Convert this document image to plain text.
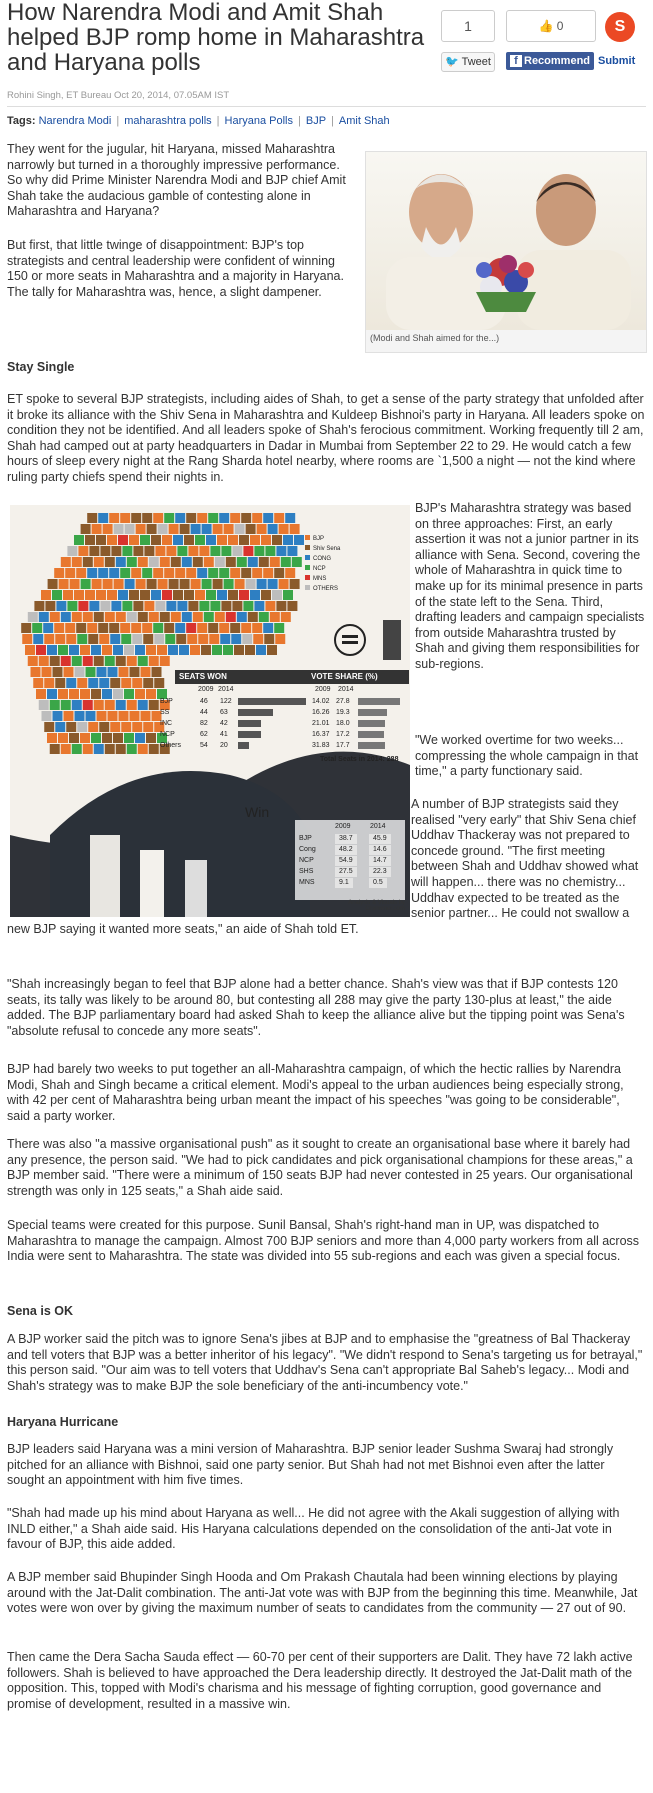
How Narendra Modi and Amit Shah helped BJP romp home in Maharashtra and Haryana polls
1	👍 0	S
🐦 Tweet	f Recommend Submit
Rohini Singh, ET Bureau Oct 20, 2014, 07.05AM IST
Tags: Narendra Modi | maharashtra polls | Haryana Polls | BJP | Amit Shah

They went for the jugular, hit Haryana, missed Maharashtra narrowly but turned in a thoroughly impressive performance. So why did Prime Minister Narendra Modi and BJP chief Amit Shah take the audacious gamble of contesting alone in Maharashtra and Haryana?

(Modi and Shah aimed for the...)

But first, that little twinge of disappointment: BJP's top strategists and central leadership were confident of winning 150 or more seats in Maharashtra and a majority in Haryana. The tally for Maharashtra was, hence, a slight dampener.

Stay Single

ET spoke to several BJP strategists, including aides of Shah, to get a sense of the party strategy that unfolded after it broke its alliance with the Shiv Sena in Maharashtra and Kuldeep Bishnoi's party in Haryana. All leaders spoke on condition they not be identified. And all leaders spoke of Shah's ferocious commitment. Working frequently till 2 am, Shah had camped out at party headquarters in Dadar in Mumbai from September 22 to 29. He would catch a few hours of sleep every night at the Rang Sharda hotel nearby, where rooms are `1,500 a night — not the kind where ruling party chiefs spend their nights in.

BJP
Shiv Sena
CONG
NCP
MNS
OTHERS
SEATS WON	VOTE SHARE (%)
2009 2014	2009 2014
BJP	46 122	14.02 27.8
SS	44 63	16.26 19.3
INC	82 42	21.01 18.0
NCP	62 41	16.37 17.2
Others	54 20	31.83 17.7
Total Seats in 2014: 288
Win
2009	2014
BJP	38.7	45.9
Cong	48.2	14.6
NCP	54.9	14.7
SHS	27.5	22.3
MNS	9.1	0.5
Analysis & Visuals by Gramener.com

BJP's Maharashtra strategy was based on three approaches: First, an early assertion it was not a junior partner in its alliance with Sena. Second, covering the whole of Maharashtra in quick time to make up for its minimal presence in parts of the state left to the Sena. Third, drafting leaders and campaign specialists from outside Maharashtra trusted by Shah and giving them responsibilities for sub-regions.

"We worked overtime for two weeks... compressing the whole campaign in that time," a party functionary said.

A number of BJP strategists said they realised "very early" that Shiv Sena chief Uddhav Thackeray was not prepared to concede ground. "The first meeting between Shah and Uddhav showed what will happen... there was no chemistry... Uddhav expected to be treated as the senior partner... He could not swallow a new BJP saying it wanted more seats," an aide of Shah told ET.

"Shah increasingly began to feel that BJP alone had a better chance. Shah's view was that if BJP contests 120 seats, its tally was likely to be around 80, but contesting all 288 may give the party 130-plus at least," the aide added. The BJP parliamentary board had asked Shah to keep the alliance alive but the tipping point was Sena's "absolute refusal to concede any more seats".

BJP had barely two weeks to put together an all-Maharashtra campaign, of which the hectic rallies by Narendra Modi, Shah and Singh became a critical element. Modi's appeal to the urban audiences being especially strong, with 42 per cent of Maharashtra being urban meant the impact of his speeches "was going to be considerable", said a party worker.

There was also "a massive organisational push" as it sought to create an organisational base where it barely had any presence, the person said. "We had to pick candidates and pick organisational champions for these areas," a BJP member said. "There were a minimum of 150 seats BJP had never contested in 25 years. Our organisational strength was only in 125 seats," a Shah aide said.

Special teams were created for this purpose. Sunil Bansal, Shah's right-hand man in UP, was dispatched to Maharashtra to manage the campaign. Almost 700 BJP seniors and more than 4,000 party workers from all across India were sent to Maharashtra. The state was divided into 55 sub-regions and each was given a special focus.

Sena is OK

A BJP worker said the pitch was to ignore Sena's jibes at BJP and to emphasise the "greatness of Bal Thackeray and tell voters that BJP was a better inheritor of his legacy". "We didn't respond to Sena's targeting us for betrayal," this person said. "Our aim was to tell voters that Uddhav's Sena can't appropriate Bal Saheb's legacy... Modi and Shah's strategy was to make BJP the sole beneficiary of the anti-incumbency vote."

Haryana Hurricane

BJP leaders said Haryana was a mini version of Maharashtra. BJP senior leader Sushma Swaraj had strongly pitched for an alliance with Bishnoi, said one party senior. But Shah had not met Bishnoi even after the latter sought an appointment with him five times.

"Shah had made up his mind about Haryana as well... He did not agree with the Akali suggestion of allying with INLD either," a Shah aide said. His Haryana calculations depended on the consolidation of the anti-Jat vote in favour of BJP, this aide added.

A BJP member said Bhupinder Singh Hooda and Om Prakash Chautala had been winning elections by playing around with the Jat-Dalit combination. The anti-Jat vote was with BJP from the beginning this time. Meanwhile, Jat votes were won over by giving the maximum number of seats to candidates from the community — 27 out of 90.

Then came the Dera Sacha Sauda effect — 60-70 per cent of their supporters are Dalit. They have 72 lakh active followers. Shah is believed to have approached the Dera leadership directly. It destroyed the Jat-Dalit math of the opposition. This, topped with Modi's charisma and his message of fighting corruption, good governance and promise of development, resulted in a massive win.
